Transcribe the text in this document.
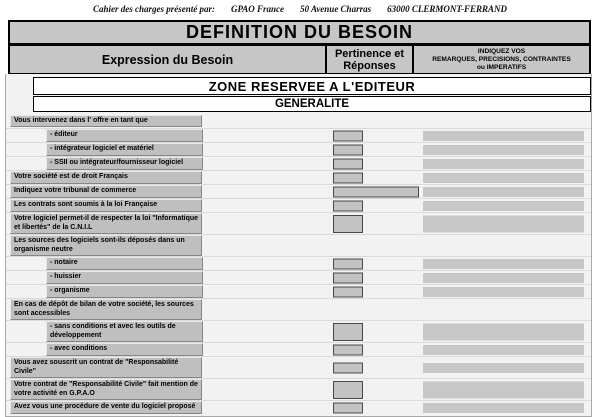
Cahier des charges présenté par: GPAO France 50 Avenue Charras 63000 CLERMONT-FERRAND
DEFINITION DU BESOIN
Expression du Besoin	Pertinence et Réponses
INDIQUEZ VOS
REMARQUES, PRECISIONS, CONTRAINTES
ou IMPERATIFS
ZONE RESERVEE A L'EDITEUR
GENERALITE
Vous intervenez dans l' offre en tant que
- éditeur
- intégrateur logiciel et matériel
- SSII ou intégrateur/fournisseur logiciel
Votre société est de droit Français
Indiquez votre tribunal de commerce
Les contrats sont soumis à la loi Française
Votre logiciel permet-il de respecter la loi "Informatique et libertés" de la C.N.I.L
Les sources des logiciels sont-ils déposés dans un organisme neutre
- notaire
- huissier
- organisme
En cas de dépôt de bilan de votre société, les sources sont accessibles
- sans conditions et avec les outils de développement
- avec conditions
Vous avez souscrit un contrat de "Responsabilité Civile"
Votre contrat de "Responsabilité Civile" fait mention de votre activité en G.P.A.O
Avez vous une procédure de vente du logiciel proposé
